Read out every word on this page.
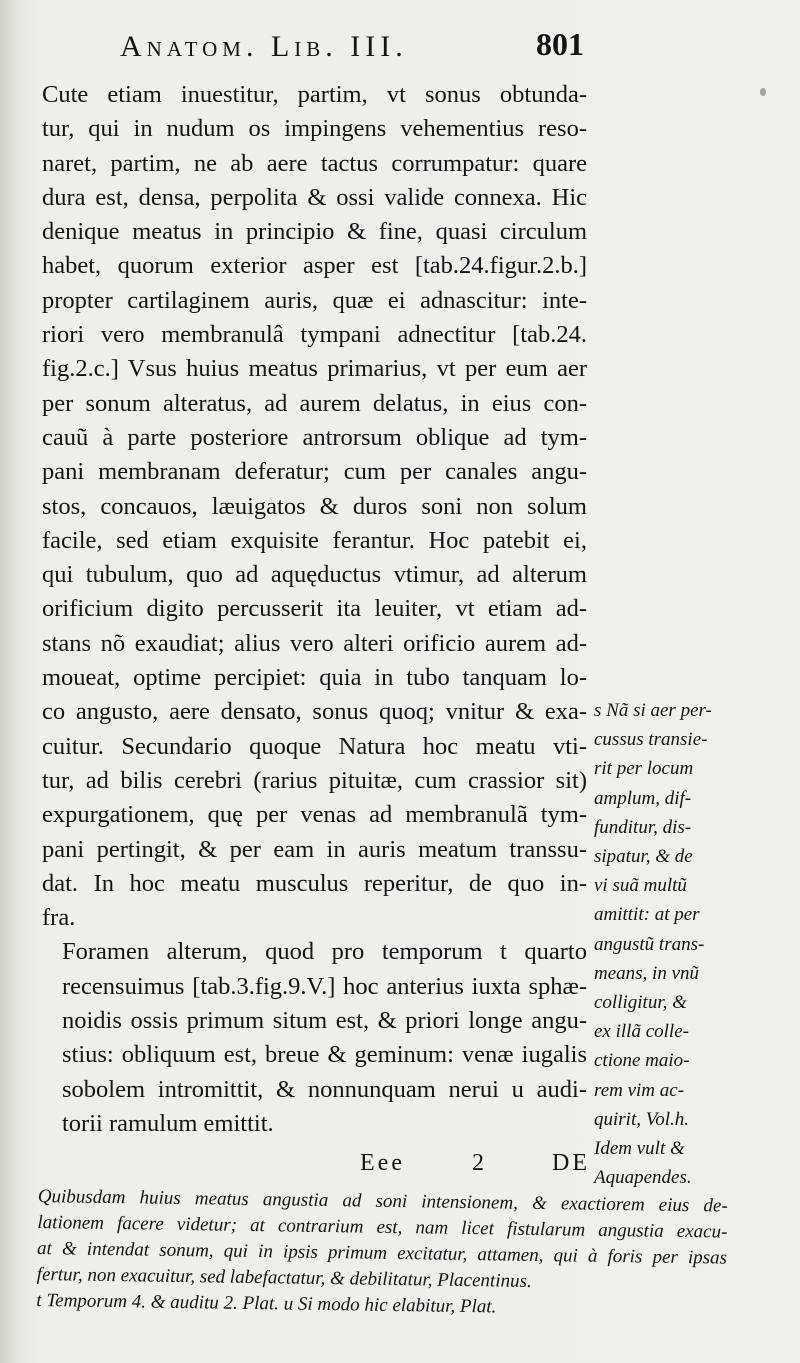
Anatom. Lib. III.	801

Cute etiam inuestitur, partim, vt sonus obtunda-
tur, qui in nudum os impingens vehementius reso-
naret, partim, ne ab aere tactus corrumpatur: quare
dura est, densa, perpolita & ossi valide connexa. Hic
denique meatus in principio & fine, quasi circulum
habet, quorum exterior asper est [tab.24.figur.2.b.]
propter cartilaginem auris, quæ ei adnascitur: inte-
riori vero membranulâ tympani adnectitur [tab.24.
fig.2.c.] Vsus huius meatus primarius, vt per eum aer
per sonum alteratus, ad aurem delatus, in eius con-
cauũ à parte posteriore antrorsum oblique ad tym-
pani membranam deferatur; cum per canales angu-
stos, concauos, læuigatos & duros soni non solum
facile, sed etiam exquisite ferantur. Hoc patebit ei,
qui tubulum, quo ad aquęductus vtimur, ad alterum
orificium digito percusserit ita leuiter, vt etiam ad-
stans nõ exaudiat; alius vero alteri orificio aurem ad-
moueat, optime percipiet: quia in tubo tanquam lo-
co angusto, aere densato, sonus quoq; vnitur & exa-
cuitur. Secundario quoque Natura hoc meatu vti-
tur, ad bilis cerebri (rarius pituitæ, cum crassior sit)
expurgationem, quę per venas ad membranulã tym-
pani pertingit, & per eam in auris meatum transsu-
dat. In hoc meatu musculus reperitur, de quo in-
fra.

Foramen alterum, quod pro temporum t quarto
recensuimus [tab.3.fig.9.V.] hoc anterius iuxta sphæ-
noidis ossis primum situm est, & priori longe angu-
stius: obliquum est, breue & geminum: venæ iugalis
sobolem intromittit, & nonnunquam nerui u audi-
torii ramulum emittit.

s Nã si aer per-
cussus transie-
rit per locum
amplum, dif-
funditur, dis-
sipatur, & de
vi suã multũ
amittit: at per
angustũ trans-
means, in vnũ
colligitur, &
ex illã colle-
ctione maio-
rem vim ac-
quirit, Vol.h.
Idem vult &
Aquapendes.
Eee	2	DE
Quibusdam huius meatus angustia ad soni intensionem, & exactiorem eius de-
lationem facere videtur; at contrarium est, nam licet fistularum angustia exacu-
at & intendat sonum, qui in ipsis primum excitatur, attamen, qui à foris per ipsas
fertur, non exacuitur, sed labefactatur, & debilitatur, Placentinus.
t Temporum 4. & auditu 2. Plat. u Si modo hic elabitur, Plat.
